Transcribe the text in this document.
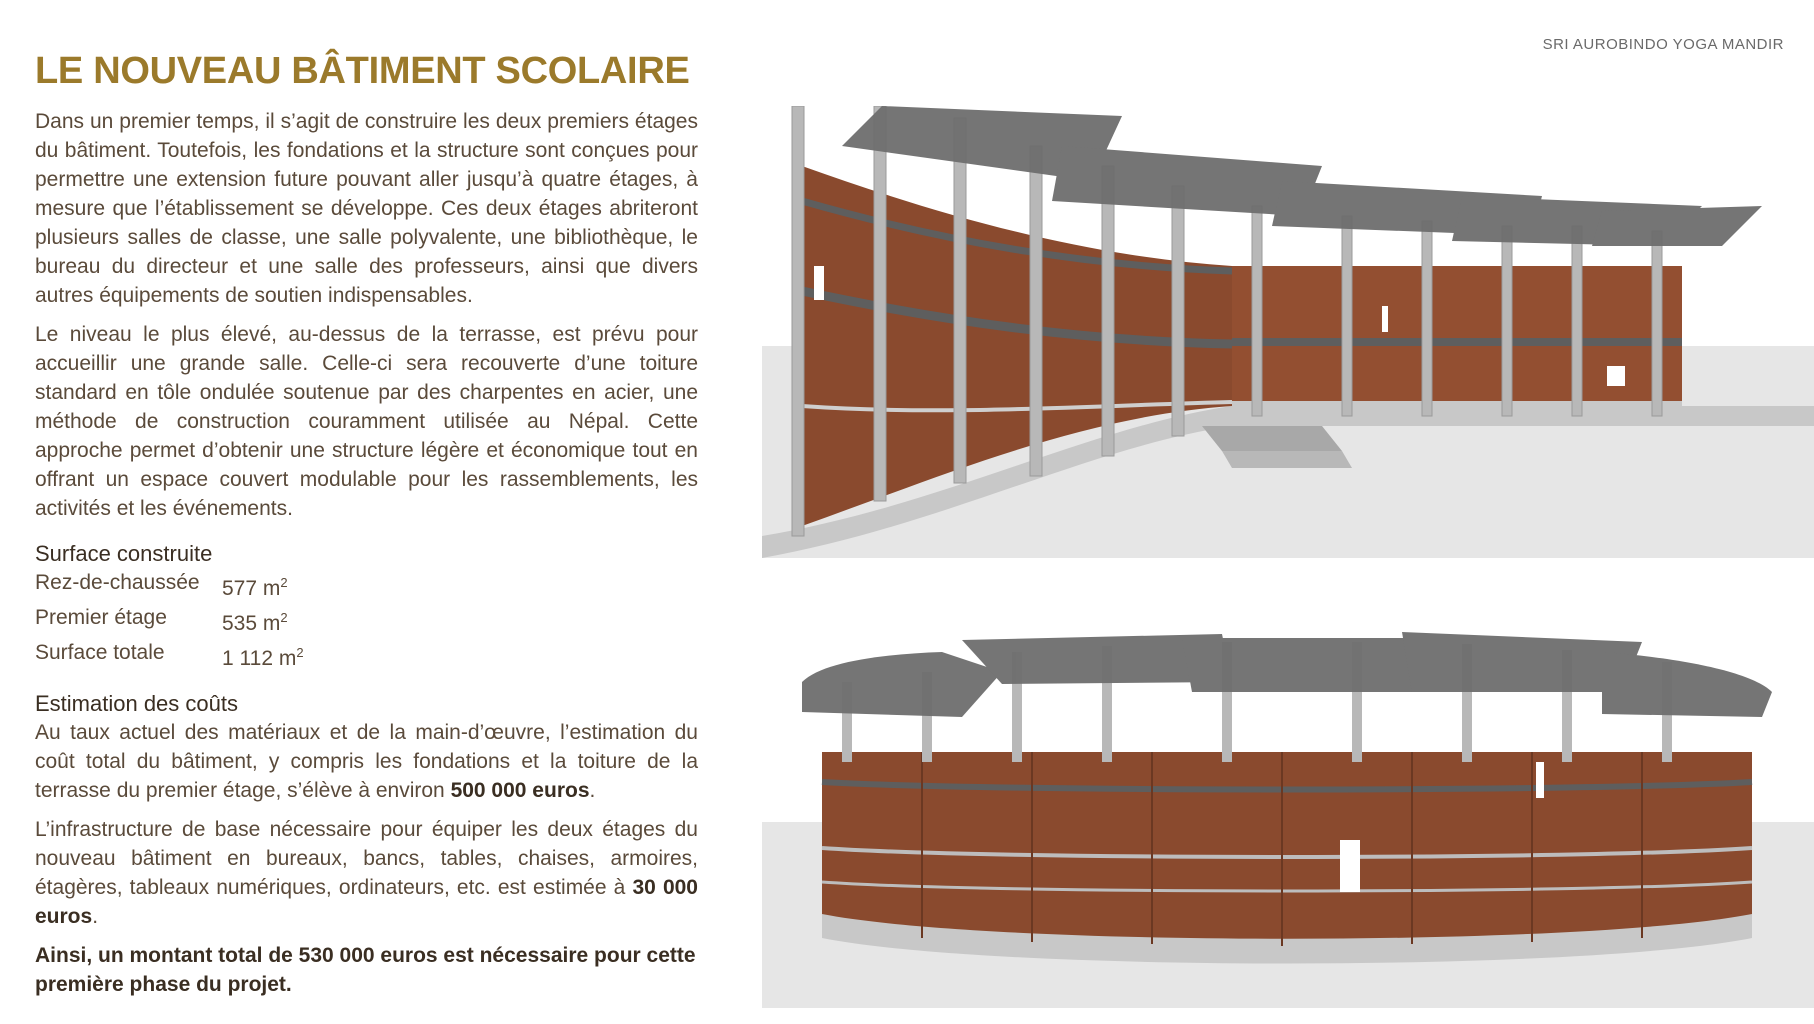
SRI AUROBINDO YOGA MANDIR
LE NOUVEAU BÂTIMENT SCOLAIRE

Dans un premier temps, il s’agit de construire les deux premiers étages du bâtiment. Toutefois, les fondations et la structure sont conçues pour permettre une extension future pouvant aller jusqu’à quatre étages, à mesure que l’établissement se développe. Ces deux étages abriteront plusieurs salles de classe, une salle polyvalente, une bibliothèque, le bureau du directeur et une salle des professeurs, ainsi que divers autres équipements de soutien indispensables.

Le niveau le plus élevé, au-dessus de la terrasse, est prévu pour accueillir une grande salle. Celle-ci sera recouverte d’une toiture standard en tôle ondulée soutenue par des charpentes en acier, une méthode de construction couramment utilisée au Népal. Cette approche permet d’obtenir une structure légère et économique tout en offrant un espace couvert modulable pour les rassemblements, les activités et les événements.

Surface construite
Rez-de-chaussée	577 $m^2$
Premier étage	535 $m^2$
Surface totale	1 112 $m^2$
Estimation des coûts

Au taux actuel des matériaux et de la main-d’œuvre, l’estimation du coût total du bâtiment, y compris les fondations et la toiture de la terrasse du premier étage, s’élève à environ 500 000 euros.

L’infrastructure de base nécessaire pour équiper les deux étages du nouveau bâtiment en bureaux, bancs, tables, chaises, armoires, étagères, tableaux numériques, ordinateurs, etc. est estimée à 30 000 euros.

Ainsi, un montant total de 530 000 euros est nécessaire pour cette première phase du projet.
